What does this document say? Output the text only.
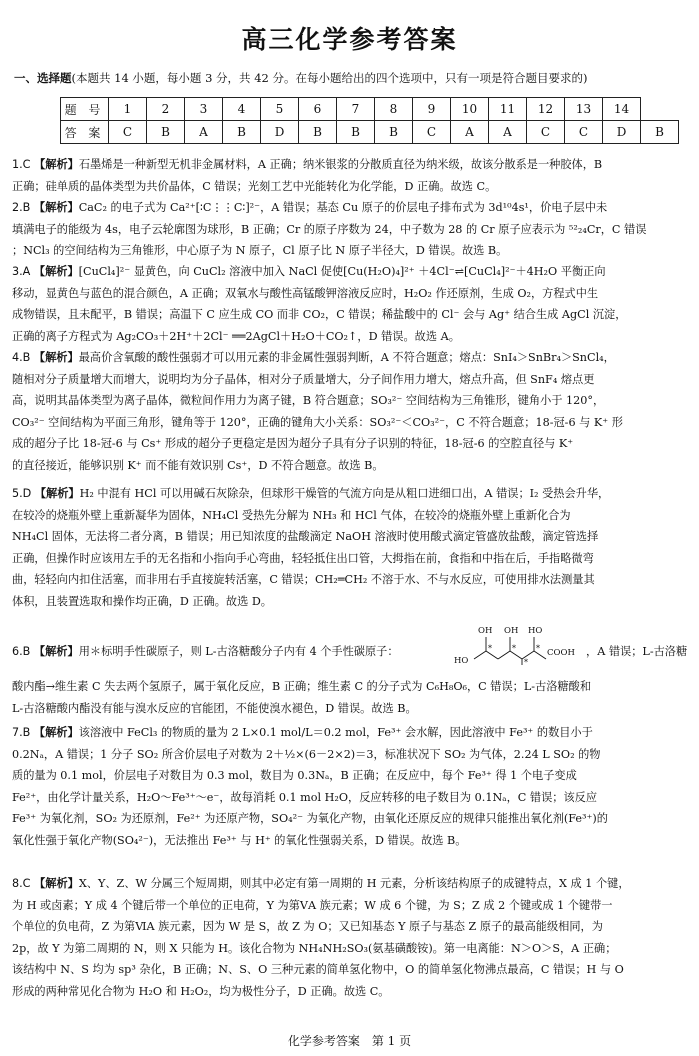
高三化学参考答案
一、选择题(本题共 14 小题，每小题 3 分，共 42 分。在每小题给出的四个选项中，只有一项是符合题目要求的)
题 号	1	2	3	4	5	6	7	8	9	10	11	12	13	14	
答 案	C	B	A	B	D	B	B	B	C	A	A	C	C	D	B
1.C 【解析】石墨烯是一种新型无机非金属材料，A 正确；纳米银浆的分散质直径为纳米级，故该分散系是一种胶体，B
正确；硅单质的晶体类型为共价晶体，C 错误；光刻工艺中光能转化为化学能，D 正确。故选 C。
2.B 【解析】CaC₂ 的电子式为 Ca²⁺[∶C⋮⋮C∶]²⁻，A 错误；基态 Cu 原子的价层电子排布式为 3d¹⁰4s¹，价电子层中未
填满电子的能级为 4s，电子云轮廓图为球形，B 正确；Cr 的原子序数为 24，中子数为 28 的 Cr 原子应表示为 ⁵²₂₄Cr，C 错误
；NCl₃ 的空间结构为三角锥形，中心原子为 N 原子，Cl 原子比 N 原子半径大，D 错误。故选 B。
3.A 【解析】[CuCl₄]²⁻ 显黄色，向 CuCl₂ 溶液中加入 NaCl 促使[Cu(H₂O)₄]²⁺ ＋4Cl⁻⇌[CuCl₄]²⁻＋4H₂O 平衡正向
移动，显黄色与蓝色的混合颜色，A 正确；双氧水与酸性高锰酸钾溶液反应时，H₂O₂ 作还原剂，生成 O₂，方程式中生
成物错误，且未配平，B 错误；高温下 C 应生成 CO 而非 CO₂，C 错误；稀盐酸中的 Cl⁻ 会与 Ag⁺ 结合生成 AgCl 沉淀，
正确的离子方程式为 Ag₂CO₃＋2H⁺＋2Cl⁻ ══2AgCl＋H₂O＋CO₂↑，D 错误。故选 A。
4.B 【解析】最高价含氧酸的酸性强弱才可以用元素的非金属性强弱判断，A 不符合题意；熔点：SnI₄＞SnBr₄＞SnCl₄，
随相对分子质量增大而增大，说明均为分子晶体，相对分子质量增大，分子间作用力增大，熔点升高，但 SnF₄ 熔点更
高，说明其晶体类型为离子晶体，微粒间作用力为离子键，B 符合题意；SO₃²⁻ 空间结构为三角锥形，键角小于 120°，
CO₃²⁻ 空间结构为平面三角形，键角等于 120°，正确的键角大小关系：SO₃²⁻＜CO₃²⁻，C 不符合题意；18-冠-6 与 K⁺ 形
成的超分子比 18-冠-6 与 Cs⁺ 形成的超分子更稳定是因为超分子具有分子识别的特征，18-冠-6 的空腔直径与 K⁺
的直径接近，能够识别 K⁺ 而不能有效识别 Cs⁺，D 不符合题意。故选 B。
5.D 【解析】H₂ 中混有 HCl 可以用碱石灰除杂，但球形干燥管的气流方向是从粗口进细口出，A 错误；I₂ 受热会升华，
在较冷的烧瓶外壁上重新凝华为固体，NH₄Cl 受热先分解为 NH₃ 和 HCl 气体，在较冷的烧瓶外壁上重新化合为
NH₄Cl 固体，无法将二者分离，B 错误；用已知浓度的盐酸滴定 NaOH 溶液时使用酸式滴定管盛放盐酸，滴定管选择
正确，但操作时应该用左手的无名指和小指向手心弯曲，轻轻抵住出口管，大拇指在前，食指和中指在后，手指略微弯
曲，轻轻向内扣住活塞，而非用右手直接旋转活塞，C 错误；CH₂═CH₂ 不溶于水、不与水反应，可使用排水法测量其
体积，且装置选取和操作均正确，D 正确。故选 D。
6.B 【解析】用＊标明手性碳原子，则 L-古洛糖酸分子内有 4 个手性碳原子：	，A 错误；L-古洛糖
酸内酯→维生素 C 失去两个氢原子，属于氧化反应，B 正确；维生素 C 的分子式为 C₆H₈O₆，C 错误；L-古洛糖酸和
L-古洛糖酸内酯没有能与溴水反应的官能团，不能使溴水褪色，D 错误。故选 B。
7.B 【解析】该溶液中 FeCl₃ 的物质的量为 2 L×0.1 mol/L＝0.2 mol，Fe³⁺ 会水解，因此溶液中 Fe³⁺ 的数目小于
0.2Nₐ，A 错误；1 分子 SO₂ 所含价层电子对数为 2＋½×(6－2×2)＝3，标准状况下 SO₂ 为气体，2.24 L SO₂ 的物
质的量为 0.1 mol，价层电子对数目为 0.3 mol，数目为 0.3Nₐ，B 正确；在反应中，每个 Fe³⁺ 得 1 个电子变成
Fe²⁺，由化学计量关系，H₂O～Fe³⁺～e⁻，故每消耗 0.1 mol H₂O，反应转移的电子数目为 0.1Nₐ，C 错误；该反应
Fe³⁺ 为氧化剂，SO₂ 为还原剂，Fe²⁺ 为还原产物，SO₄²⁻ 为氧化产物，由氧化还原反应的规律只能推出氧化剂(Fe³⁺)的
氧化性强于氧化产物(SO₄²⁻)，无法推出 Fe³⁺ 与 H⁺ 的氧化性强弱关系，D 错误。故选 B。
8.C 【解析】X、Y、Z、W 分属三个短周期，则其中必定有第一周期的 H 元素，分析该结构原子的成键特点，X 成 1 个键，
为 H 或卤素；Y 成 4 个键后带一个单位的正电荷，Y 为第ⅤA 族元素；W 成 6 个键，为 S；Z 成 2 个键或成 1 个键带一
个单位的负电荷，Z 为第ⅥA 族元素，因为 W 是 S，故 Z 为 O；又已知基态 Y 原子与基态 Z 原子的最高能级相同，为
2p，故 Y 为第二周期的 N，则 X 只能为 H。该化合物为 NH₄NH₂SO₃(氨基磺酸铵)。第一电离能：N＞O＞S，A 正确；
该结构中 N、S 均为 sp³ 杂化，B 正确；N、S、O 三种元素的简单氢化物中，O 的简单氢化物沸点最高，C 错误；H 与 O
形成的两种常见化合物为 H₂O 和 H₂O₂，均为极性分子，D 正确。故选 C。
HO
OH OH HO
COOH
*	*
*
*
化学参考答案　第 1 页
